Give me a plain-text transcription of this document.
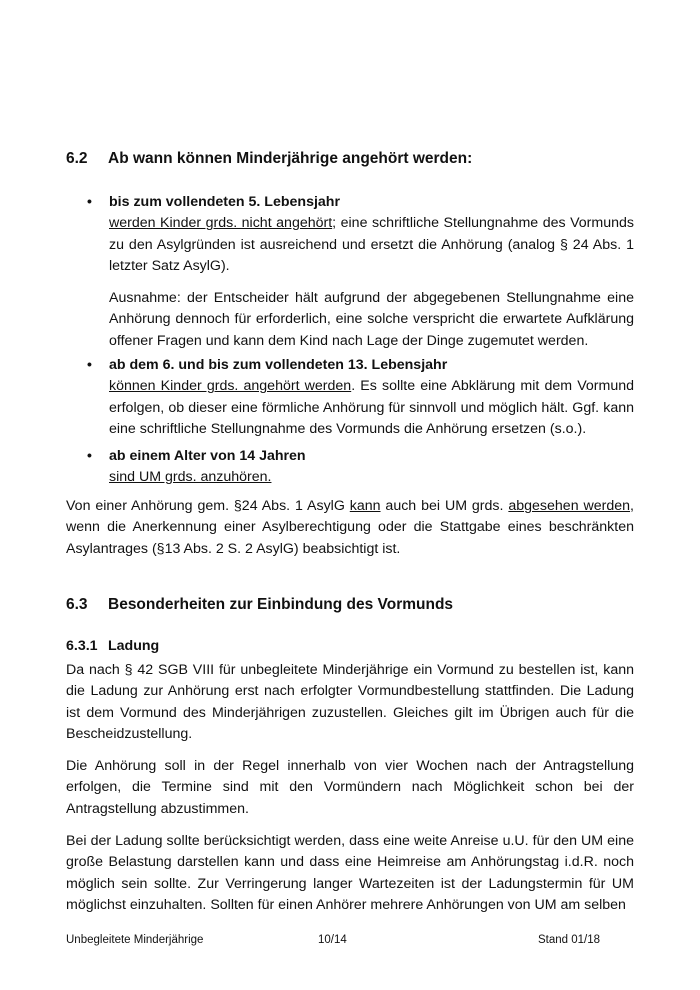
6.2 Ab wann können Minderjährige angehört werden:
• bis zum vollendeten 5. Lebensjahr

werden Kinder grds. nicht angehört; eine schriftliche Stellungnahme des Vormunds zu den Asylgründen ist ausreichend und ersetzt die Anhörung (analog § 24 Abs. 1 letzter Satz AsylG).

Ausnahme: der Entscheider hält aufgrund der abgegebenen Stellungnahme eine Anhörung dennoch für erforderlich, eine solche verspricht die erwartete Aufklärung offener Fragen und kann dem Kind nach Lage der Dinge zugemutet werden.

• ab dem 6. und bis zum vollendeten 13. Lebensjahr

können Kinder grds. angehört werden. Es sollte eine Abklärung mit dem Vormund erfolgen, ob dieser eine förmliche Anhörung für sinnvoll und möglich hält. Ggf. kann eine schriftliche Stellungnahme des Vormunds die Anhörung ersetzen (s.o.).

• ab einem Alter von 14 Jahren

sind UM grds. anzuhören.

Von einer Anhörung gem. §24 Abs. 1 AsylG kann auch bei UM grds. abgesehen werden, wenn die Anerkennung einer Asylberechtigung oder die Stattgabe eines beschränkten Asylantrages (§13 Abs. 2 S. 2 AsylG) beabsichtigt ist.

6.3 Besonderheiten zur Einbindung des Vormunds
6.3.1 Ladung

Da nach § 42 SGB VIII für unbegleitete Minderjährige ein Vormund zu bestellen ist, kann die Ladung zur Anhörung erst nach erfolgter Vormundbestellung stattfinden. Die Ladung ist dem Vormund des Minderjährigen zuzustellen. Gleiches gilt im Übrigen auch für die Bescheidzustellung.

Die Anhörung soll in der Regel innerhalb von vier Wochen nach der Antragstellung erfolgen, die Termine sind mit den Vormündern nach Möglichkeit schon bei der Antragstellung abzustimmen.

Bei der Ladung sollte berücksichtigt werden, dass eine weite Anreise u.U. für den UM eine große Belastung darstellen kann und dass eine Heimreise am Anhörungstag i.d.R. noch möglich sein sollte. Zur Verringerung langer Wartezeiten ist der Ladungstermin für UM möglichst einzuhalten. Sollten für einen Anhörer mehrere Anhörungen von UM am selben

Unbegleitete Minderjährige	10/14	Stand 01/18
